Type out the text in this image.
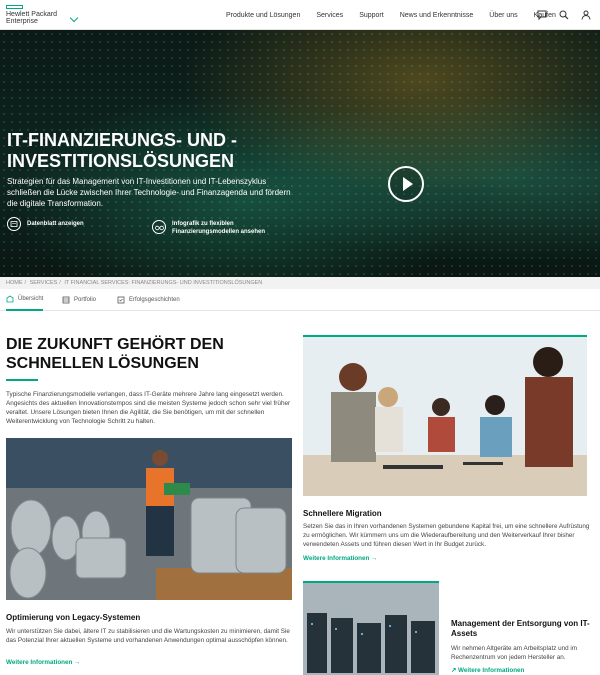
Hewlett Packard
Enterprise
Produkte und Lösungen Services Support News und Erkenntnisse Über uns Kaufen
IT-FINANZIERUNGS- UND -INVESTITIONSLÖSUNGEN
Strategien für das Management von IT-Investitionen und IT-Lebenszyklus schließen die Lücke zwischen Ihrer Technologie- und Finanzagenda und fördern die digitale Transformation.
Datenblatt anzeigen	Infografik zu flexiblen Finanzierungsmodellen ansehen
HOME / SERVICES / IT FINANCIAL SERVICES: FINANZIERUNGS- UND INVESTITIONSLÖSUNGEN
Übersicht	Portfolio	Erfolgsgeschichten
DIE ZUKUNFT GEHÖRT DEN SCHNELLEN LÖSUNGEN
Typische Finanzierungsmodelle verlangen, dass IT-Geräte mehrere Jahre lang eingesetzt werden. Angesichts des aktuellen Innovationstempos sind die meisten Systeme jedoch schon sehr viel früher veraltet. Unsere Lösungen bieten Ihnen die Agilität, die Sie benötigen, um mit der schnellen Weiterentwicklung von Technologie Schritt zu halten.
Optimierung von Legacy-Systemen
Wir unterstützen Sie dabei, ältere IT zu stabilisieren und die Wartungskosten zu minimieren, damit Sie das Potenzial Ihrer aktuellen Systeme und vorhandenen Anwendungen optimal ausschöpfen können.
Weitere Informationen →
Schnellere Migration
Setzen Sie das in Ihren vorhandenen Systemen gebundene Kapital frei, um eine schnellere Aufrüstung zu ermöglichen. Wir kümmern uns um die Wiederaufbereitung und den Weiterverkauf Ihrer bisher verwendeten Assets und führen diesen Wert in Ihr Budget zurück.
Weitere Informationen →
Management der Entsorgung von IT-Assets
Wir nehmen Altgeräte am Arbeitsplatz und im Rechenzentrum von jedem Hersteller an.
↗ Weitere Informationen
